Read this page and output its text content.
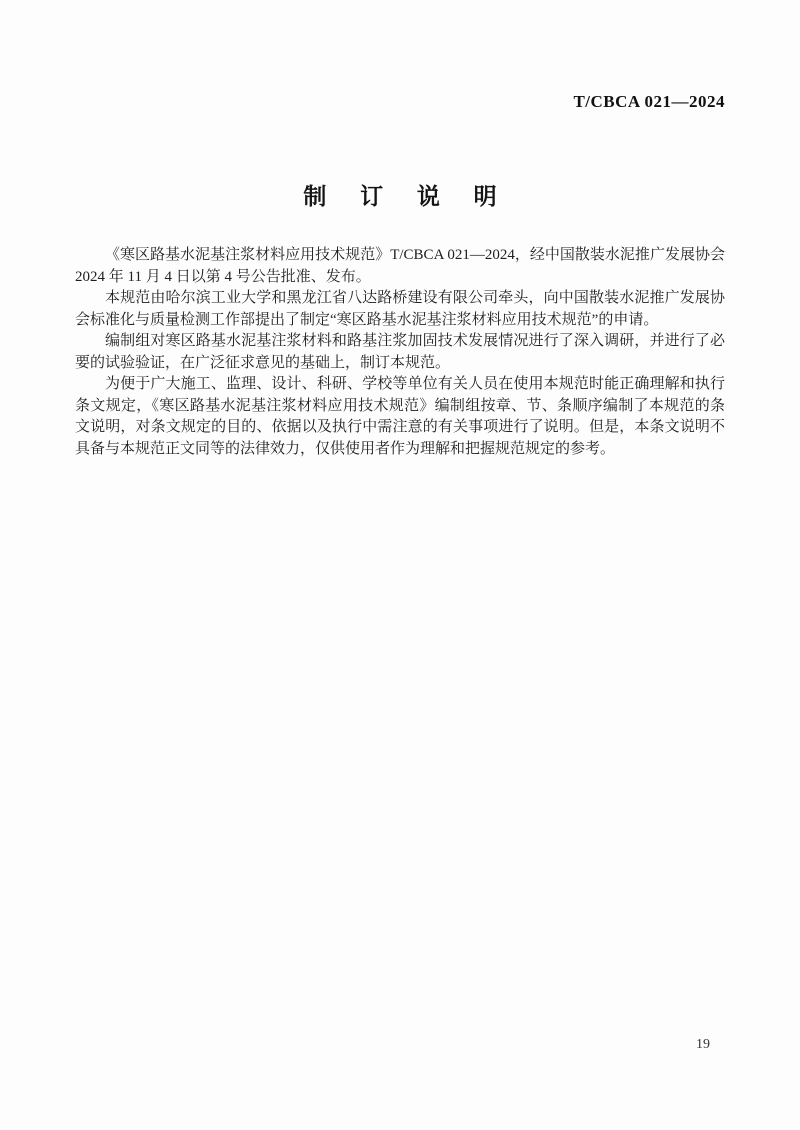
T/CBCA 021—2024
制 订 说 明

《寒区路基水泥基注浆材料应用技术规范》T/CBCA 021—2024，经中国散装水泥推广发展协会 2024 年 11 月 4 日以第 4 号公告批准、发布。

本规范由哈尔滨工业大学和黑龙江省八达路桥建设有限公司牵头，向中国散装水泥推广发展协会标准化与质量检测工作部提出了制定“寒区路基水泥基注浆材料应用技术规范”的申请。

编制组对寒区路基水泥基注浆材料和路基注浆加固技术发展情况进行了深入调研，并进行了必要的试验验证，在广泛征求意见的基础上，制订本规范。

为便于广大施工、监理、设计、科研、学校等单位有关人员在使用本规范时能正确理解和执行条文规定，《寒区路基水泥基注浆材料应用技术规范》编制组按章、节、条顺序编制了本规范的条文说明，对条文规定的目的、依据以及执行中需注意的有关事项进行了说明。但是，本条文说明不具备与本规范正文同等的法律效力，仅供使用者作为理解和把握规范规定的参考。

19
